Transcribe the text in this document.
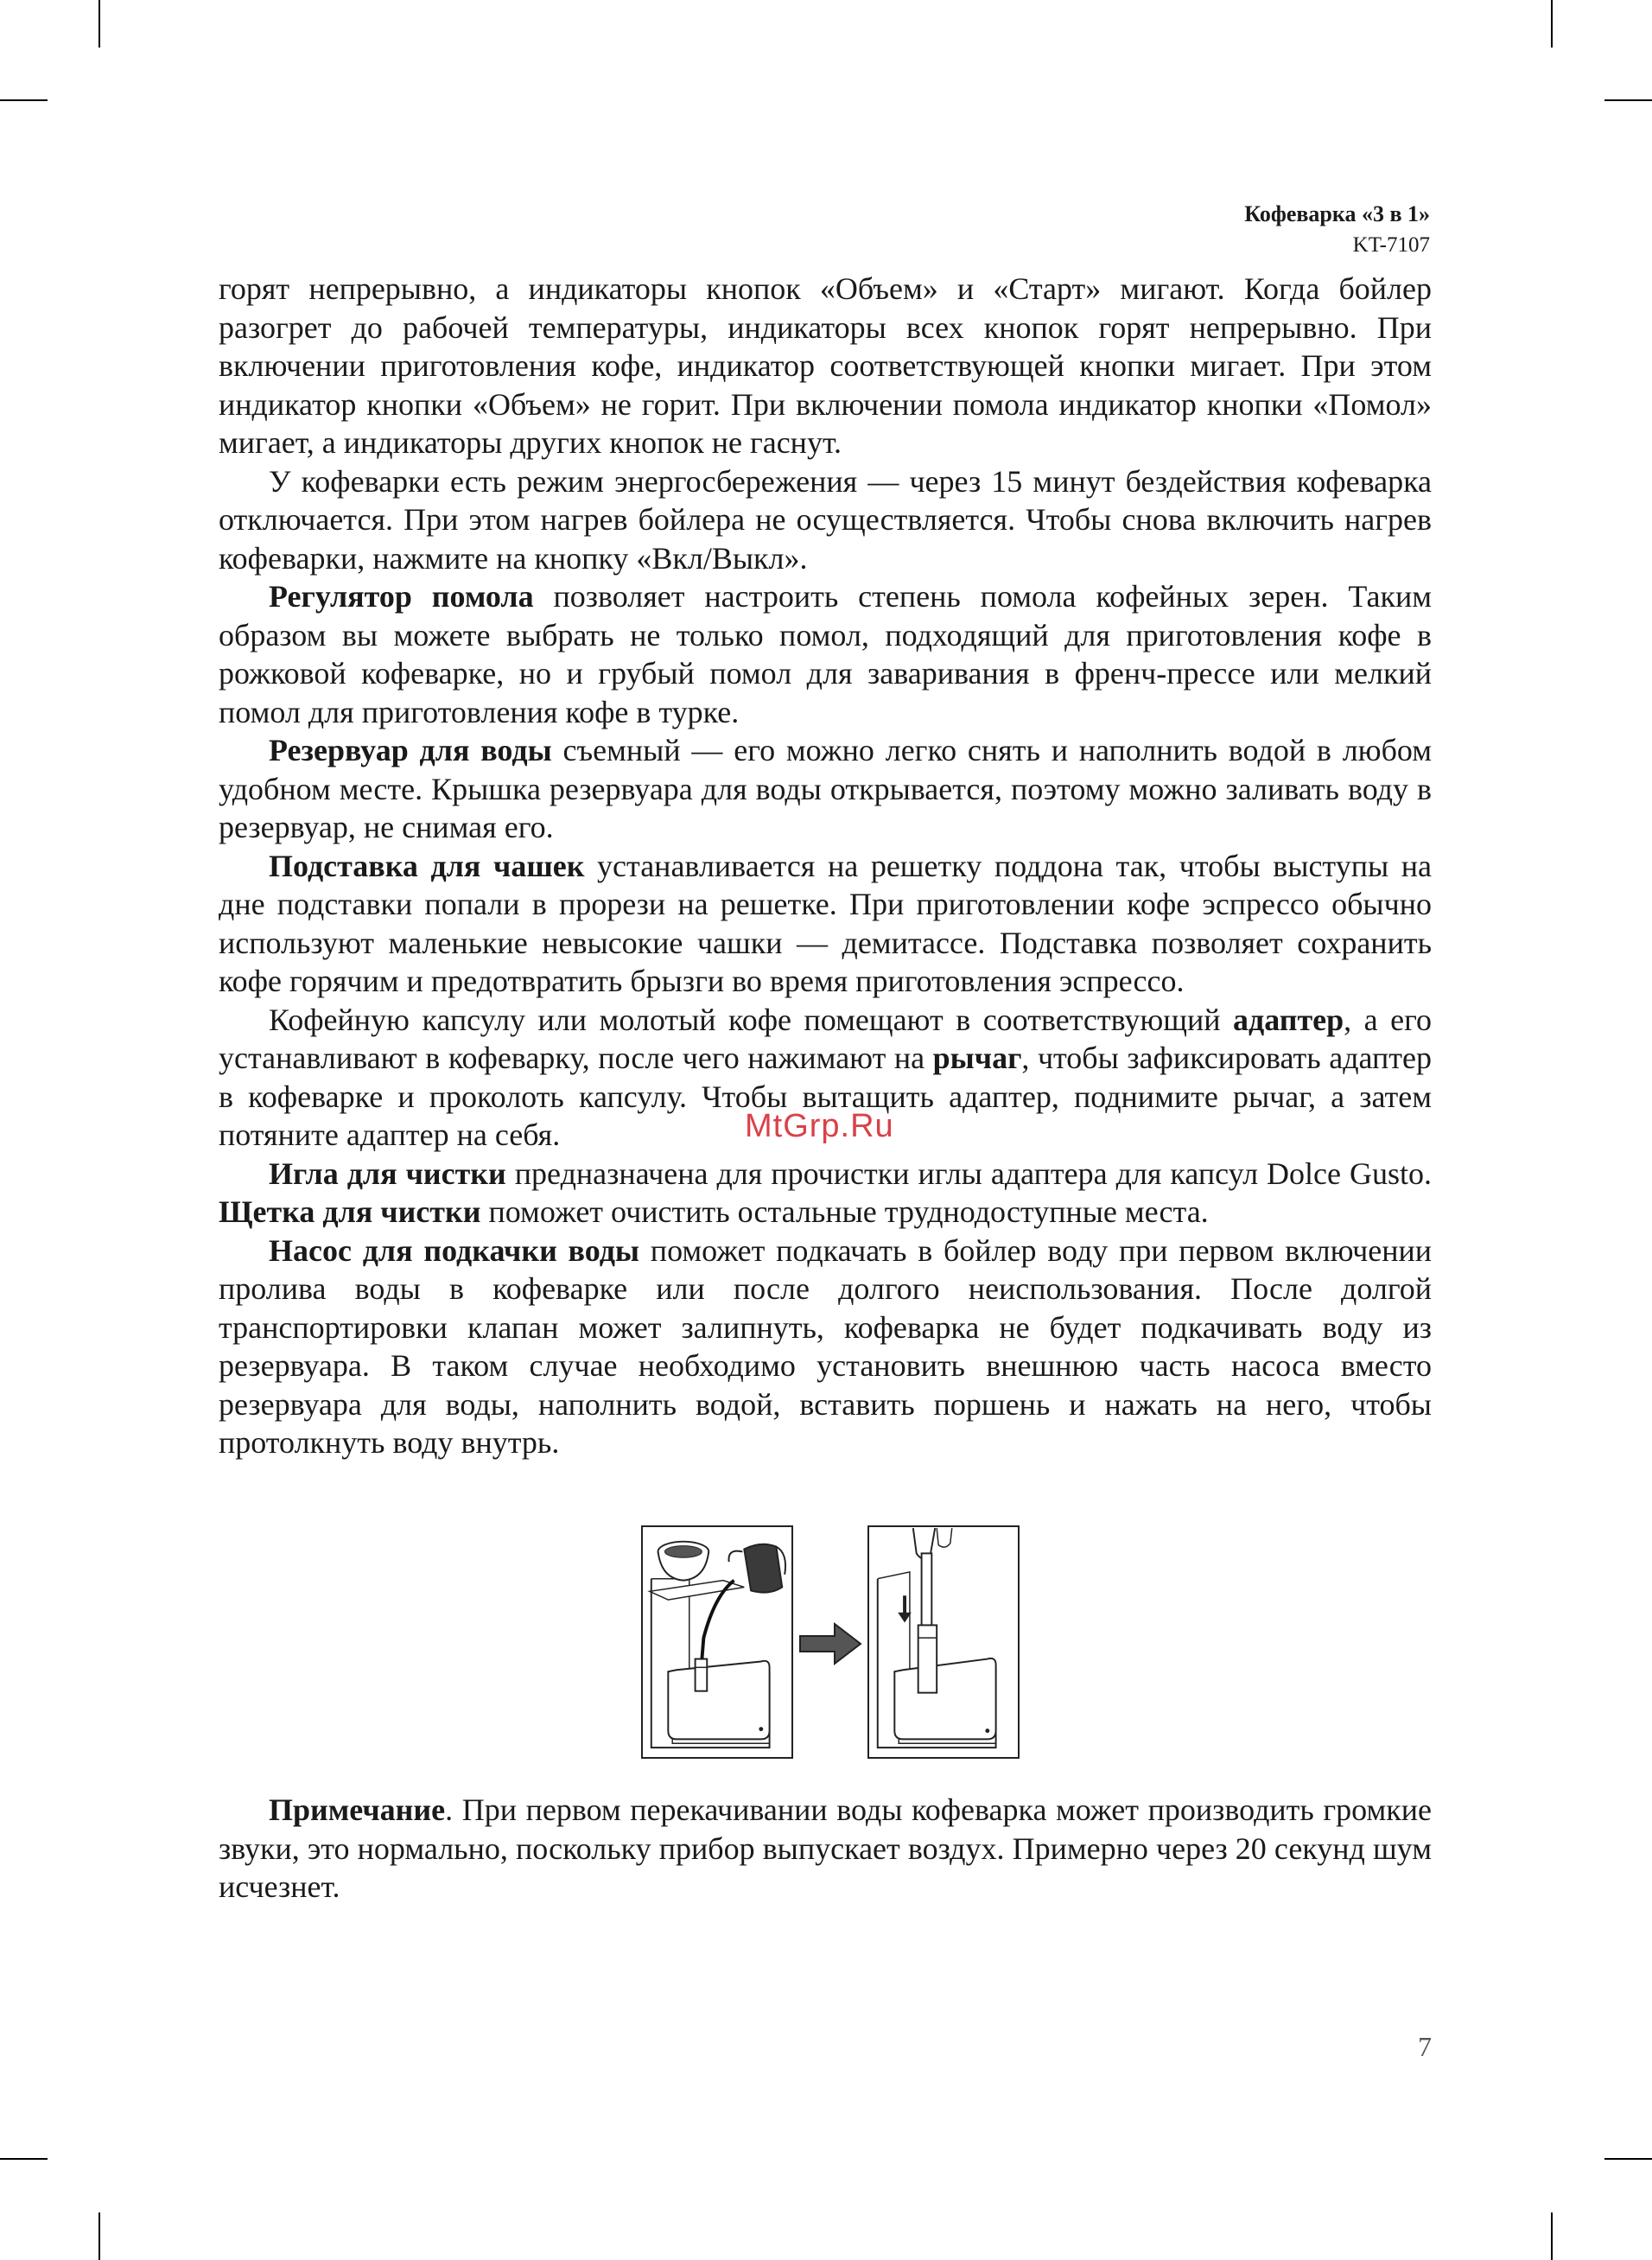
Кофеварка «3 в 1»
KT-7107

горят непрерывно, а индикаторы кнопок «Объем» и «Старт» мигают. Когда бойлер разогрет до рабочей температуры, индикаторы всех кнопок горят непрерывно. При включении приготовления кофе, индикатор соответствующей кнопки мигает. При этом индикатор кнопки «Объем» не горит. При включении помола индикатор кнопки «Помол» мигает, а индикаторы других кнопок не гаснут.

У кофеварки есть режим энергосбережения — через 15 минут бездействия кофеварка отключается. При этом нагрев бойлера не осуществляется. Чтобы снова включить нагрев кофеварки, нажмите на кнопку «Вкл/Выкл».

Регулятор помола позволяет настроить степень помола кофейных зерен. Таким образом вы можете выбрать не только помол, подходящий для приготовления кофе в рожковой кофеварке, но и грубый помол для заваривания в френч-прессе или мелкий помол для приготовления кофе в турке.

Резервуар для воды съемный — его можно легко снять и наполнить водой в любом удобном месте. Крышка резервуара для воды открывается, поэтому можно заливать воду в резервуар, не снимая его.

Подставка для чашек устанавливается на решетку поддона так, чтобы выступы на дне подставки попали в прорези на решетке. При приготовлении кофе эспрессо обычно используют маленькие невысокие чашки — демитассе. Подставка позволяет сохранить кофе горячим и предотвратить брызги во время приготовления эспрессо.

Кофейную капсулу или молотый кофе помещают в соответствующий адаптер, а его устанавливают в кофеварку, после чего нажимают на рычаг, чтобы зафиксировать адаптер в кофеварке и проколоть капсулу. Чтобы вытащить адаптер, поднимите рычаг, а затем потяните адаптер на себя.

Игла для чистки предназначена для прочистки иглы адаптера для капсул Dolce Gusto. Щетка для чистки поможет очистить остальные труднодоступные места.

Насос для подкачки воды поможет подкачать в бойлер воду при первом включении пролива воды в кофеварке или после долгого неиспользования. После долгой транспортировки клапан может залипнуть, кофеварка не будет подкачивать воду из резервуара. В таком случае необходимо установить внешнюю часть насоса вместо резервуара для воды, наполнить водой, вставить поршень и нажать на него, чтобы протолкнуть воду внутрь.

MtGrp.Ru

Примечание. При первом перекачивании воды кофеварка может производить громкие звуки, это нормально, поскольку прибор выпускает воздух. Примерно через 20 секунд шум исчезнет.

7
